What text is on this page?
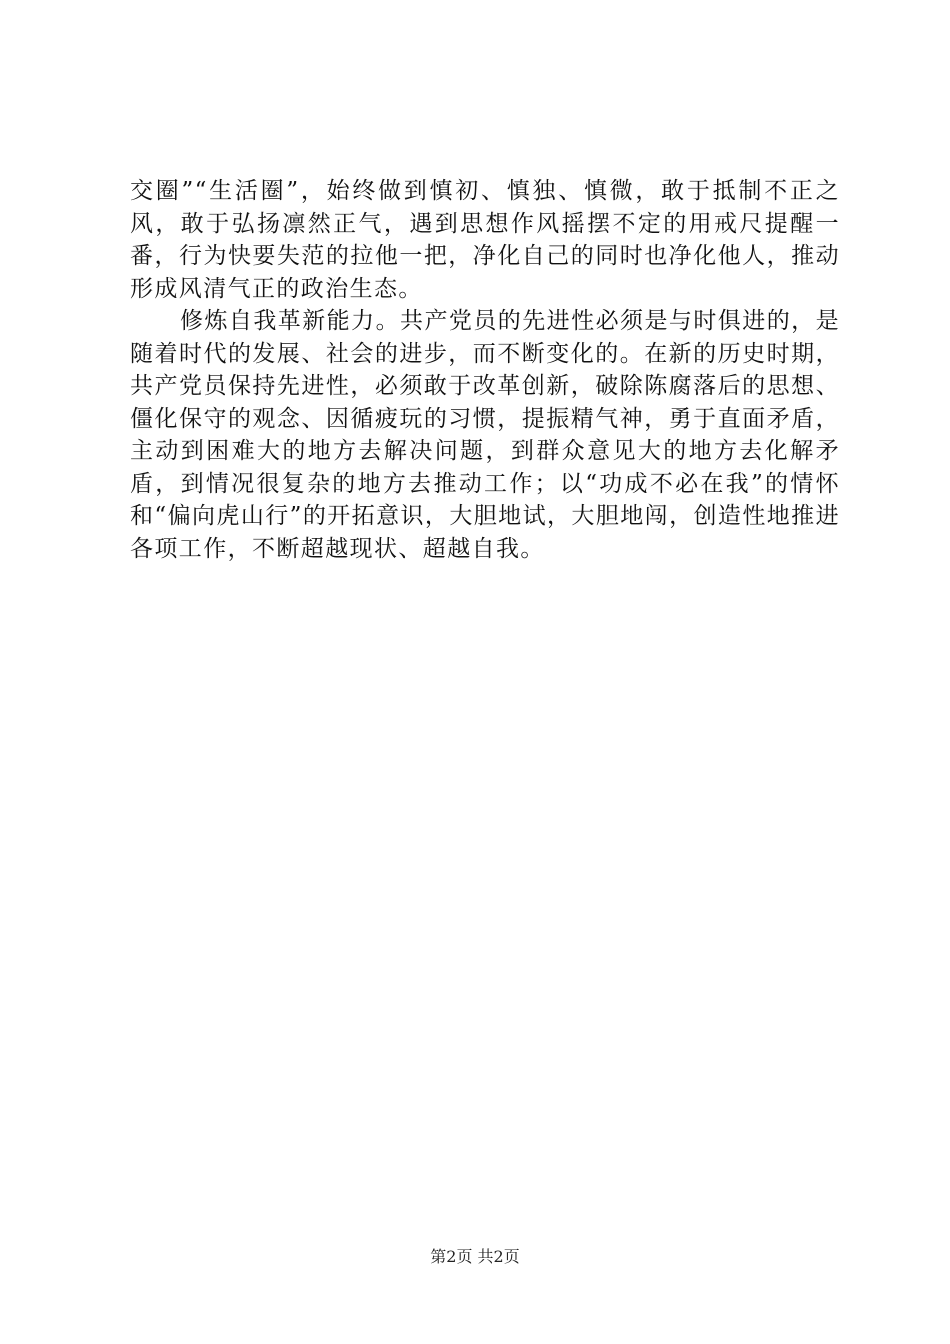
交圈”“生活圈”，始终做到慎初、慎独、慎微，敢于抵制不正之风，敢于弘扬凛然正气，遇到思想作风摇摆不定的用戒尺提醒一番，行为快要失范的拉他一把，净化自己的同时也净化他人，推动形成风清气正的政治生态。

修炼自我革新能力。共产党员的先进性必须是与时俱进的，是随着时代的发展、社会的进步，而不断变化的。在新的历史时期，共产党员保持先进性，必须敢于改革创新，破除陈腐落后的思想、僵化保守的观念、因循疲玩的习惯，提振精气神，勇于直面矛盾，主动到困难大的地方去解决问题，到群众意见大的地方去化解矛盾，到情况很复杂的地方去推动工作；以“功成不必在我”的情怀和“偏向虎山行”的开拓意识，大胆地试，大胆地闯，创造性地推进各项工作，不断超越现状、超越自我。

第2页 共2页
